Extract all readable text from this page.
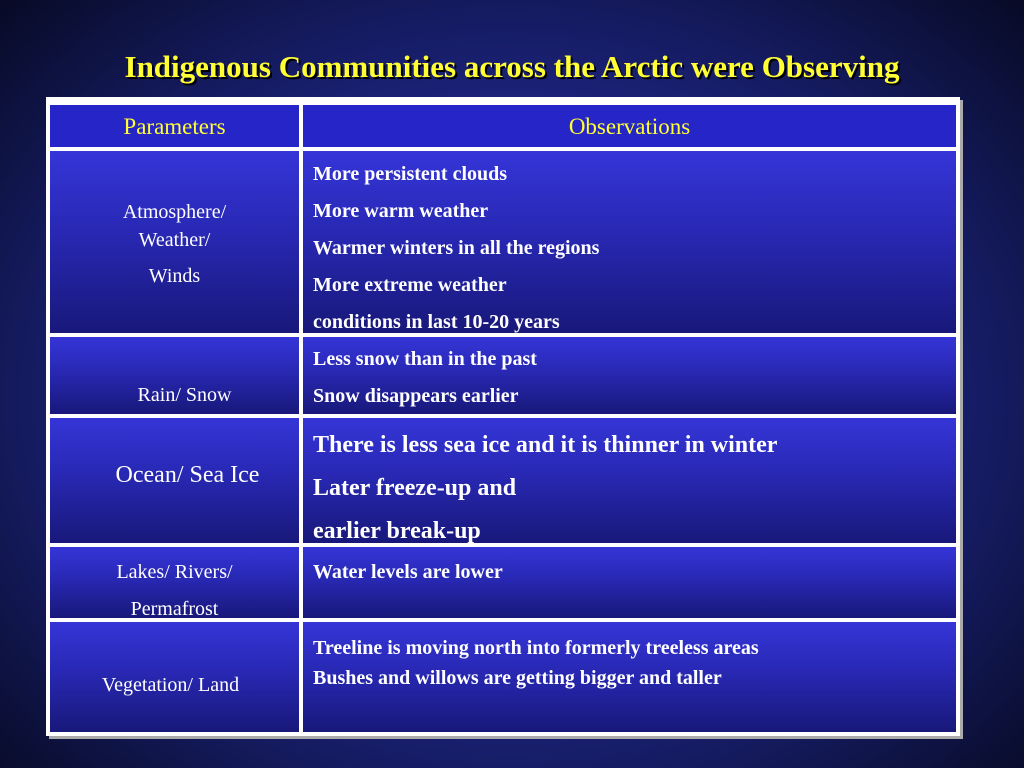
Indigenous Communities across the Arctic were Observing
Parameters	Observations
Atmosphere/
Weather/
Winds
More persistent clouds
More warm weather
Warmer winters in all the regions
More extreme weather
conditions in last 10-20 years
Rain/ Snow
Less snow than in the past
Snow disappears earlier
Ocean/ Sea Ice
There is less sea ice and it is thinner in winter
Later freeze-up and
earlier break-up
Lakes/ Rivers/
Permafrost
Water levels are lower
Vegetation/ Land
Treeline is moving north into formerly treeless areas
Bushes and willows are getting bigger and taller
